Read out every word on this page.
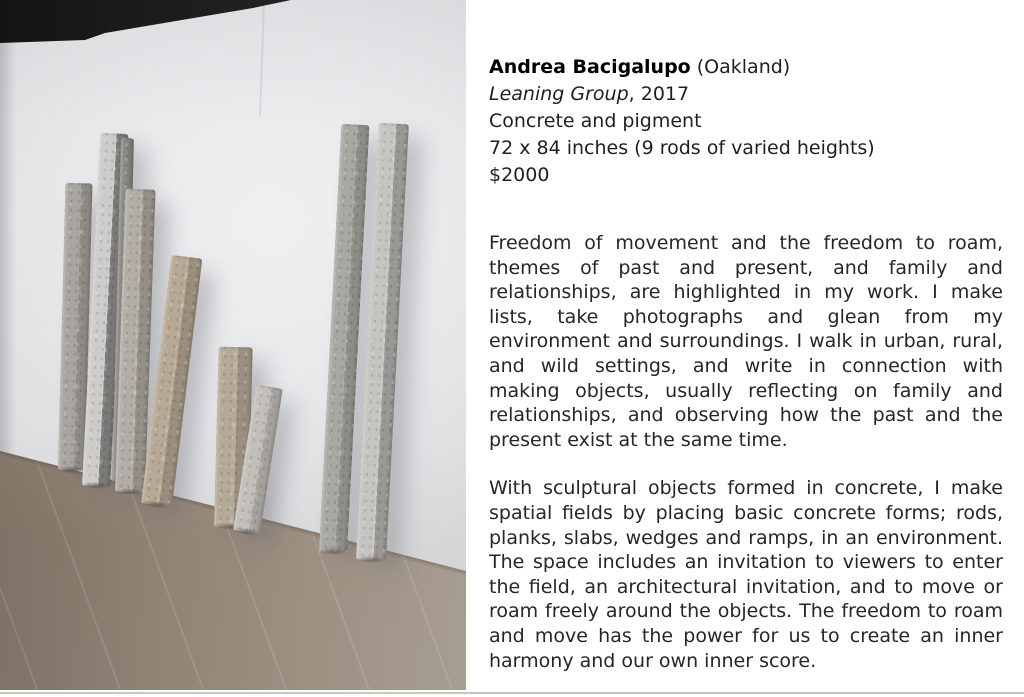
Andrea Bacigalupo (Oakland)
Leaning Group, 2017
Concrete and pigment
72 x 84 inches (9 rods of varied heights)
$2000

Freedom of movement and the freedom to roam, themes of past and present, and family and relationships, are highlighted in my work. I make lists, take photographs and glean from my environment and surroundings. I walk in urban, rural, and wild settings, and write in connection with making objects, usually reflecting on family and relationships, and observing how the past and the present exist at the same time.

With sculptural objects formed in concrete, I make spatial fields by placing basic concrete forms; rods, planks, slabs, wedges and ramps, in an environment. The space includes an invitation to viewers to enter the field, an architectural invitation, and to move or roam freely around the objects. The freedom to roam and move has the power for us to create an inner harmony and our own inner score.
